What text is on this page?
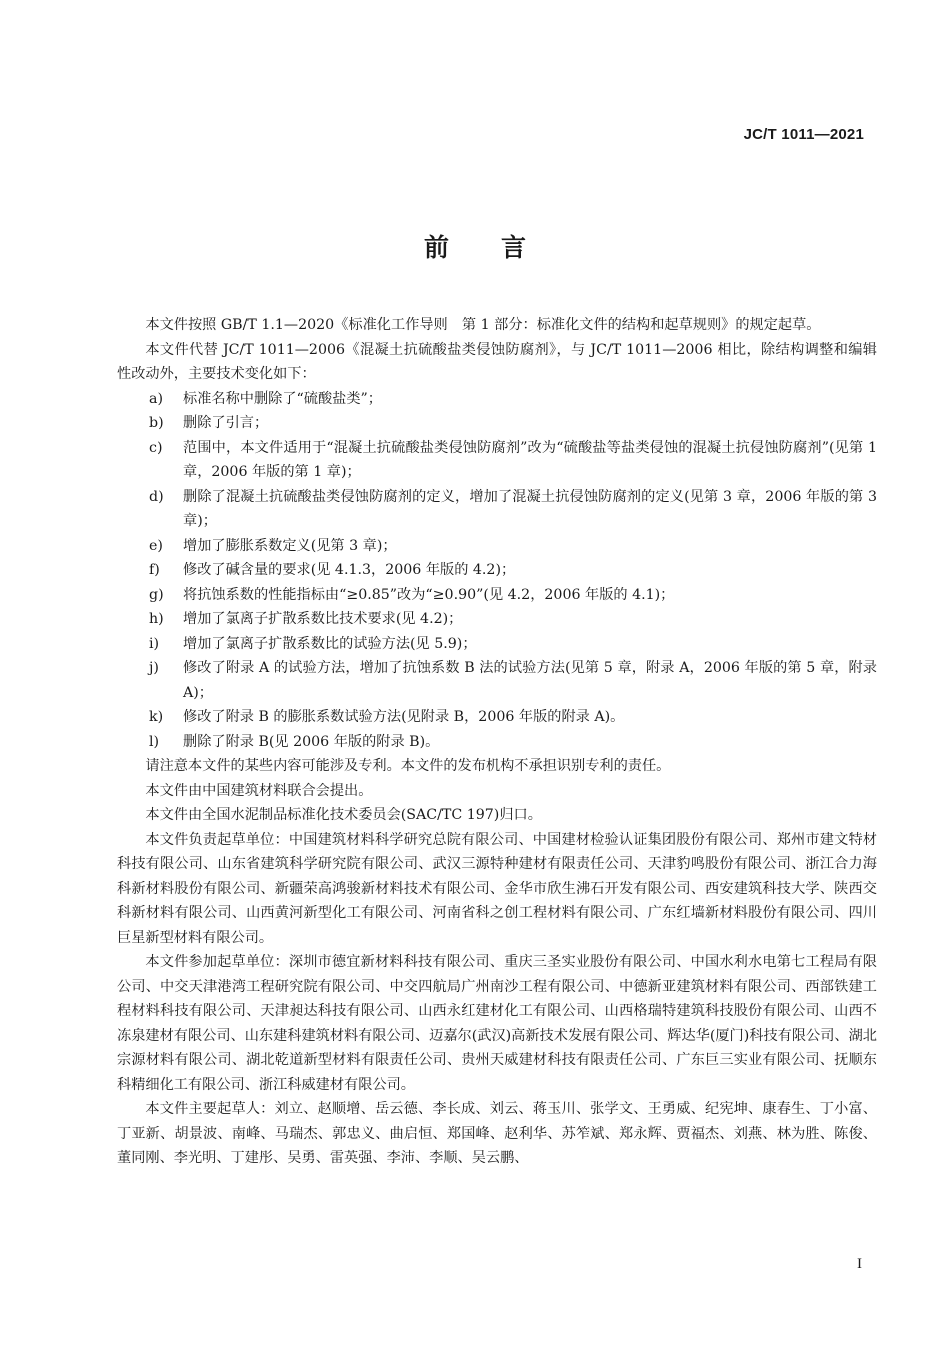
JC/T 1011—2021
前言

本文件按照 GB/T 1.1—2020《标准化工作导则　第 1 部分：标准化文件的结构和起草规则》的规定起草。

本文件代替 JC/T 1011—2006《混凝土抗硫酸盐类侵蚀防腐剂》，与 JC/T 1011—2006 相比，除结构调整和编辑性改动外，主要技术变化如下：

a) 标准名称中删除了“硫酸盐类”；
b) 删除了引言；
c) 范围中，本文件适用于“混凝土抗硫酸盐类侵蚀防腐剂”改为“硫酸盐等盐类侵蚀的混凝土抗侵蚀防腐剂”(见第 1 章，2006 年版的第 1 章)；
d) 删除了混凝土抗硫酸盐类侵蚀防腐剂的定义，增加了混凝土抗侵蚀防腐剂的定义(见第 3 章，2006 年版的第 3 章)；
e) 增加了膨胀系数定义(见第 3 章)；
f) 修改了碱含量的要求(见 4.1.3，2006 年版的 4.2)；
g) 将抗蚀系数的性能指标由“≥0.85”改为“≥0.90”(见 4.2，2006 年版的 4.1)；
h) 增加了氯离子扩散系数比技术要求(见 4.2)；
i) 增加了氯离子扩散系数比的试验方法(见 5.9)；
j) 修改了附录 A 的试验方法，增加了抗蚀系数 B 法的试验方法(见第 5 章，附录 A，2006 年版的第 5 章，附录 A)；
k) 修改了附录 B 的膨胀系数试验方法(见附录 B，2006 年版的附录 A)。
l) 删除了附录 B(见 2006 年版的附录 B)。

请注意本文件的某些内容可能涉及专利。本文件的发布机构不承担识别专利的责任。

本文件由中国建筑材料联合会提出。

本文件由全国水泥制品标准化技术委员会(SAC/TC 197)归口。

本文件负责起草单位：中国建筑材料科学研究总院有限公司、中国建材检验认证集团股份有限公司、郑州市建文特材科技有限公司、山东省建筑科学研究院有限公司、武汉三源特种建材有限责任公司、天津豹鸣股份有限公司、浙江合力海科新材料股份有限公司、新疆荣高鸿骏新材料技术有限公司、金华市欣生沸石开发有限公司、西安建筑科技大学、陕西交科新材料有限公司、山西黄河新型化工有限公司、河南省科之创工程材料有限公司、广东红墙新材料股份有限公司、四川巨星新型材料有限公司。

本文件参加起草单位：深圳市德宜新材料科技有限公司、重庆三圣实业股份有限公司、中国水利水电第七工程局有限公司、中交天津港湾工程研究院有限公司、中交四航局广州南沙工程有限公司、中德新亚建筑材料有限公司、西部铁建工程材料科技有限公司、天津昶达科技有限公司、山西永红建材化工有限公司、山西格瑞特建筑科技股份有限公司、山西不冻泉建材有限公司、山东建科建筑材料有限公司、迈嘉尔(武汉)高新技术发展有限公司、辉达华(厦门)科技有限公司、湖北宗源材料有限公司、湖北乾道新型材料有限责任公司、贵州天威建材科技有限责任公司、广东巨三实业有限公司、抚顺东科精细化工有限公司、浙江科威建材有限公司。

本文件主要起草人：刘立、赵顺增、岳云德、李长成、刘云、蒋玉川、张学文、王勇威、纪宪坤、康春生、丁小富、丁亚新、胡景波、南峰、马瑞杰、郭忠义、曲启恒、郑国峰、赵利华、苏笮斌、郑永辉、贾福杰、刘燕、林为胜、陈俊、董同刚、李光明、丁建彤、吴勇、雷英强、李沛、李顺、吴云鹏、

I
